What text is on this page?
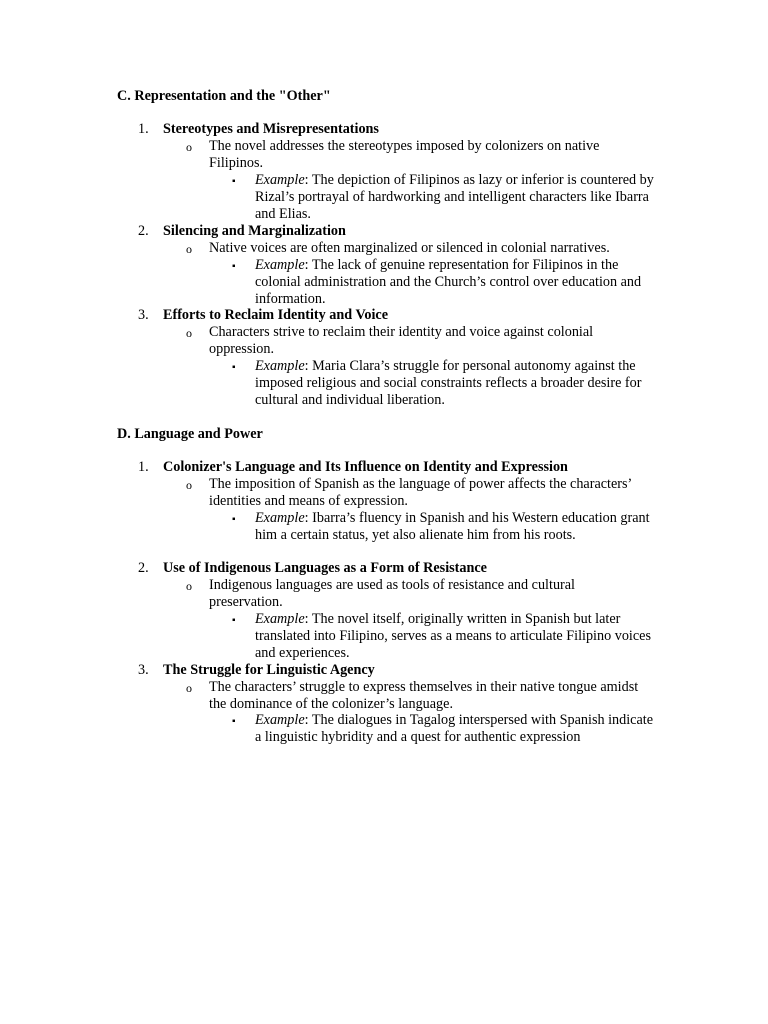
C. Representation and the "Other"
1.	Stereotypes and Misrepresentations
o The novel addresses the stereotypes imposed by colonizers on native Filipinos.
▪ Example: The depiction of Filipinos as lazy or inferior is countered by Rizal’s portrayal of hardworking and intelligent characters like Ibarra and Elias.
2.	Silencing and Marginalization
o Native voices are often marginalized or silenced in colonial narratives.
▪ Example: The lack of genuine representation for Filipinos in the colonial administration and the Church’s control over education and information.
3.	Efforts to Reclaim Identity and Voice
o Characters strive to reclaim their identity and voice against colonial oppression.
▪ Example: Maria Clara’s struggle for personal autonomy against the imposed religious and social constraints reflects a broader desire for cultural and individual liberation.
D. Language and Power
1.	Colonizer's Language and Its Influence on Identity and Expression
o The imposition of Spanish as the language of power affects the characters’ identities and means of expression.
▪ Example: Ibarra’s fluency in Spanish and his Western education grant him a certain status, yet also alienate him from his roots.
2.	Use of Indigenous Languages as a Form of Resistance
o Indigenous languages are used as tools of resistance and cultural preservation.
▪ Example: The novel itself, originally written in Spanish but later translated into Filipino, serves as a means to articulate Filipino voices and experiences.
3.	The Struggle for Linguistic Agency
o The characters’ struggle to express themselves in their native tongue amidst the dominance of the colonizer’s language.
▪ Example: The dialogues in Tagalog interspersed with Spanish indicate a linguistic hybridity and a quest for authentic expression
